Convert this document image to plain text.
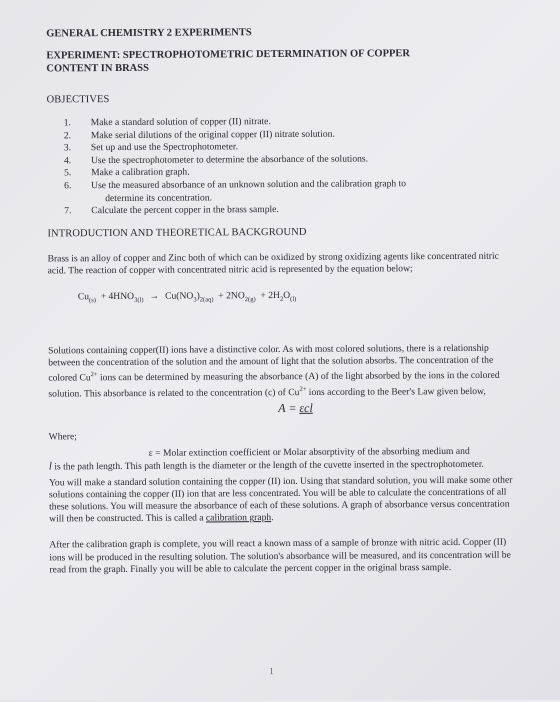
GENERAL CHEMISTRY 2 EXPERIMENTS

EXPERIMENT: SPECTROPHOTOMETRIC DETERMINATION OF COPPER

CONTENT IN BRASS

OBJECTIVES

1. Make a standard solution of copper (II) nitrate.
2. Make serial dilutions of the original copper (II) nitrate solution.
3. Set up and use the Spectrophotometer.
4. Use the spectrophotometer to determine the absorbance of the solutions.
5. Make a calibration graph.
6. Use the measured absorbance of an unknown solution and the calibration graph to
determine its concentration.
7. Calculate the percent copper in the brass sample.

INTRODUCTION AND THEORETICAL BACKGROUND

Brass is an alloy of copper and Zinc both of which can be oxidized by strong oxidizing agents like concentrated nitric acid. The reaction of copper with concentrated nitric acid is represented by the equation below;

$Cu_{(s)} + 4HNO_{3(l)} \to Cu(NO_3)_{2(aq)} + 2NO_{2(g)} + 2H_2O_{(l)}$

Solutions containing copper(II) ions have a distinctive color. As with most colored solutions, there is a relationship between the concentration of the solution and the amount of light that the solution absorbs. The concentration of the colored $Cu^{2+}$ ions can be determined by measuring the absorbance (A) of the light absorbed by the ions in the colored solution. This absorbance is related to the concentration (c) of $Cu^{2+}$ ions according to the Beer's Law given below,

A = εcl

Where;

ε = Molar extinction coefficient or Molar absorptivity of the absorbing medium and

l is the path length. This path length is the diameter or the length of the cuvette inserted in the spectrophotometer.

You will make a standard solution containing the copper (II) ion. Using that standard solution, you will make some other solutions containing the copper (II) ion that are less concentrated. You will be able to calculate the concentrations of all these solutions. You will measure the absorbance of each of these solutions. A graph of absorbance versus concentration will then be constructed. This is called a calibration graph.

After the calibration graph is complete, you will react a known mass of a sample of bronze with nitric acid. Copper (II) ions will be produced in the resulting solution. The solution's absorbance will be measured, and its concentration will be read from the graph. Finally you will be able to calculate the percent copper in the original brass sample.

1
